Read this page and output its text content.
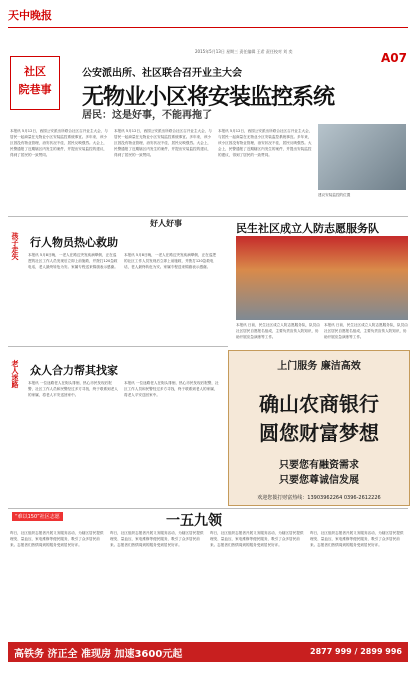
天中晚报
2015年5月13日 星期三 责任编辑 王希 责任校对 刘 奕	A07
社区
院巷事
公安派出所、社区联合召开业主大会
无物业小区将安装监控系统
居民：这是好事，不能再拖了
本报讯 5月12日，西园公安派出所联合社区召开业主大会，与居民一起商量在无物业小区安装监控系统事宜。多年来，该小区因没有物业管理，治安状况不佳，居民反映强烈。大会上，民警通报了近期辖区内发生的案件，并提出安装监控的建议，得到了居民的一致赞同。
本报讯 5月12日，西园公安派出所联合社区召开业主大会，与居民一起商量在无物业小区安装监控系统事宜。多年来，该小区因没有物业管理，治安状况不佳，居民反映强烈。大会上，民警通报了近期辖区内发生的案件，并提出安装监控的建议，得到了居民的一致赞同。
本报讯 5月12日，西园公安派出所联合社区召开业主大会，与居民一起商量在无物业小区安装监控系统事宜。多年来，该小区因没有物业管理，治安状况不佳，居民反映强烈。大会上，民警通报了近期辖区内发生的案件，并提出安装监控的建议，得到了居民的一致赞同。
建议安装监控的位置
好人好事
孩子走失 行人物员热心救助
本报讯 5月8日晚，一老人在路边突发疾病晕倒，正在巡逻的社区工作人员发现后立即上前施救，并拨打120急救电话，老人最终转危为安。家属专程送来锦旗表示感谢。
本报讯 5月8日晚，一老人在路边突发疾病晕倒，正在巡逻的社区工作人员发现后立即上前施救，并拨打120急救电话，老人最终转危为安。家属专程送来锦旗表示感谢。
民生社区成立人防志愿服务队
本报讯 日前，民生社区成立人防志愿服务队，队员由社区居民自愿报名组成，主要负责宣传人防知识，协助开展应急演练等工作。
本报讯 日前，民生社区成立人防志愿服务队，队员由社区居民自愿报名组成，主要负责宣传人防知识，协助开展应急演练等工作。
老人迷路 众人合力帮其找家
本报讯 一位迷路老人在街头徘徊，热心市民发现后报警，社区工作人员和民警经过多方寻找，终于联系到老人的家属，将老人平安送回家中。
本报讯 一位迷路老人在街头徘徊，热心市民发现后报警，社区工作人员和民警经过多方寻找，终于联系到老人的家属，将老人平安送回家中。
上门服务 廉洁高效
确山农商银行
圆您财富梦想
只要您有融资需求
只要您尊诚信发展
欢迎您拨打财富热线：13903962264 0396-2612226
“难以150”社区志愿	一五九领
昨日，社区组织志愿者开展义务服务活动，为辖区居民提供理发、量血压、家电维修等便民服务，吸引了众多居民前来。志愿者们热情周到的服务受到居民好评。
昨日，社区组织志愿者开展义务服务活动，为辖区居民提供理发、量血压、家电维修等便民服务，吸引了众多居民前来。志愿者们热情周到的服务受到居民好评。
昨日，社区组织志愿者开展义务服务活动，为辖区居民提供理发、量血压、家电维修等便民服务，吸引了众多居民前来。志愿者们热情周到的服务受到居民好评。
昨日，社区组织志愿者开展义务服务活动，为辖区居民提供理发、量血压、家电维修等便民服务，吸引了众多居民前来。志愿者们热情周到的服务受到居民好评。
高铁务 济正全 准现房 加速3600元起	2877 999 / 2899 996
